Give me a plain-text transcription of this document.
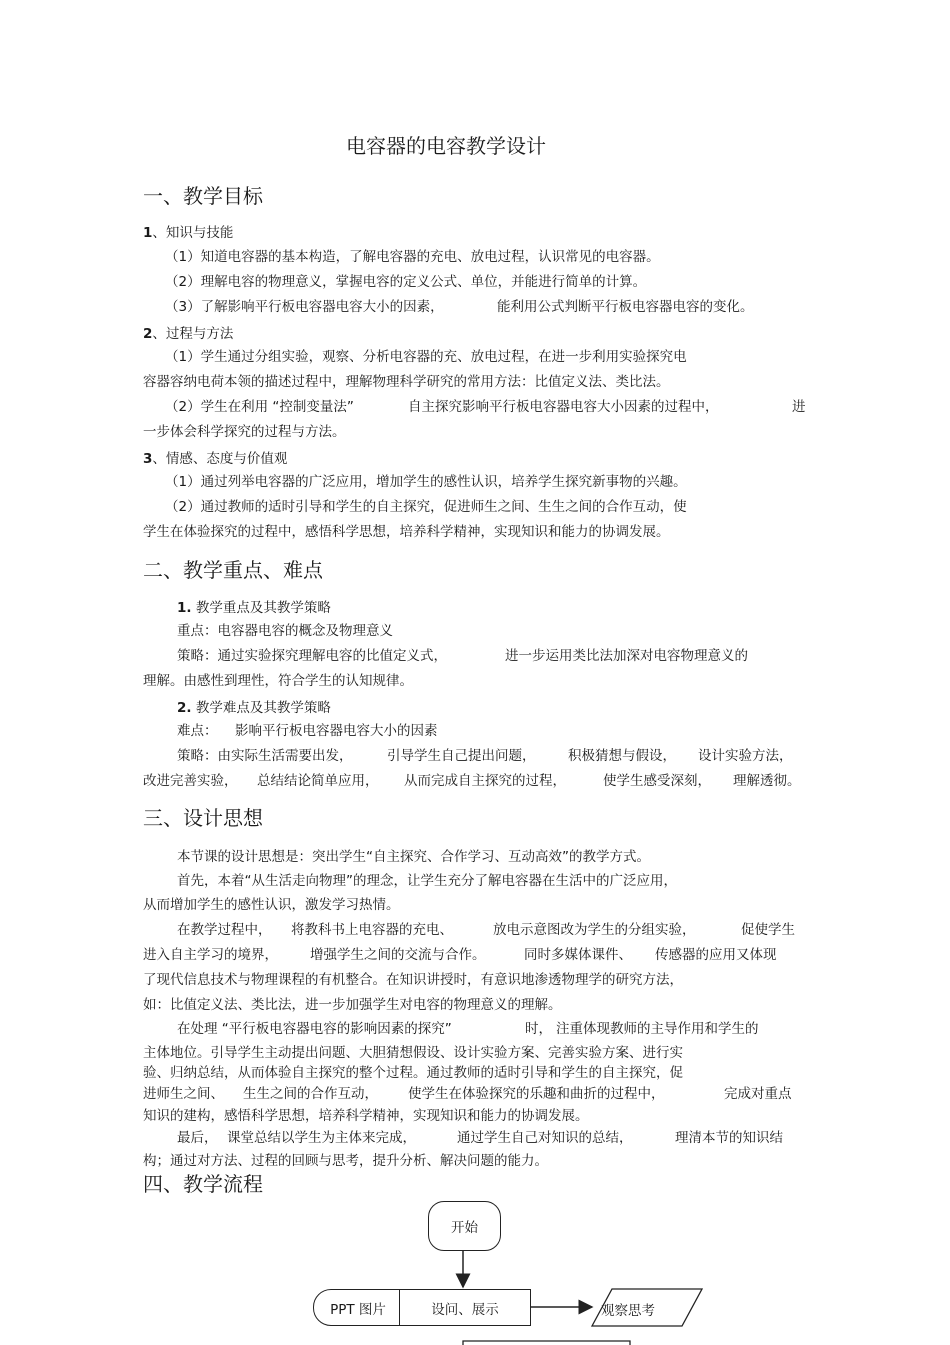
电容器的电容教学设计
一、教学目标
1、知识与技能
（1）知道电容器的基本构造，了解电容器的充电、放电过程，认识常见的电容器。
（2）理解电容的物理意义，掌握电容的定义公式、单位，并能进行简单的计算。
（3）了解影响平行板电容器电容大小的因素，	能利用公式判断平行板电容器电容的变化。
2、过程与方法
（1）学生通过分组实验，观察、分析电容器的充、放电过程，在进一步利用实验探究电
容器容纳电荷本领的描述过程中，理解物理科学研究的常用方法：比值定义法、类比法。
（2）学生在利用 “控制变量法”	自主探究影响平行板电容器电容大小因素的过程中，	进
一步体会科学探究的过程与方法。
3、情感、态度与价值观
（1）通过列举电容器的广泛应用，增加学生的感性认识，培养学生探究新事物的兴趣。
（2）通过教师的适时引导和学生的自主探究，促进师生之间、生生之间的合作互动，使
学生在体验探究的过程中，感悟科学思想，培养科学精神，实现知识和能力的协调发展。
二、教学重点、难点
1. 教学重点及其教学策略
重点：电容器电容的概念及物理意义
策略：通过实验探究理解电容的比值定义式，	进一步运用类比法加深对电容物理意义的
理解。由感性到理性，符合学生的认知规律。
2. 教学难点及其教学策略
难点： 影响平行板电容器电容大小的因素
策略：由实际生活需要出发，	引导学生自己提出问题， 积极猜想与假设， 设计实验方法，
改进完善实验， 总结结论简单应用， 从而完成自主探究的过程，	使学生感受深刻， 理解透彻。
三、设计思想
本节课的设计思想是：突出学生“自主探究、合作学习、互动高效”的教学方式。
首先，本着“从生活走向物理”的理念，让学生充分了解电容器在生活中的广泛应用，
从而增加学生的感性认识，激发学习热情。
在教学过程中， 将教科书上电容器的充电、	放电示意图改为学生的分组实验，	促使学生
进入自主学习的境界， 增强学生之间的交流与合作。	同时多媒体课件、 传感器的应用又体现
了现代信息技术与物理课程的有机整合。在知识讲授时，有意识地渗透物理学的研究方法，
如：比值定义法、类比法，进一步加强学生对电容的物理意义的理解。
在处理 “平行板电容器电容的影响因素的探究”	时， 注重体现教师的主导作用和学生的
主体地位。引导学生主动提出问题、大胆猜想假设、设计实验方案、完善实验方案、进行实
验、归纳总结，从而体验自主探究的整个过程。通过教师的适时引导和学生的自主探究，促
进师生之间、 生生之间的合作互动， 使学生在体验探究的乐趣和曲折的过程中，	完成对重点
知识的建构，感悟科学思想，培养科学精神，实现知识和能力的协调发展。
最后， 课堂总结以学生为主体来完成，	通过学生自己对知识的总结，	理清本节的知识结
构；通过对方法、过程的回顾与思考，提升分析、解决问题的能力。
四、教学流程
开始
PPT 图片	设问、展示	观察思考
